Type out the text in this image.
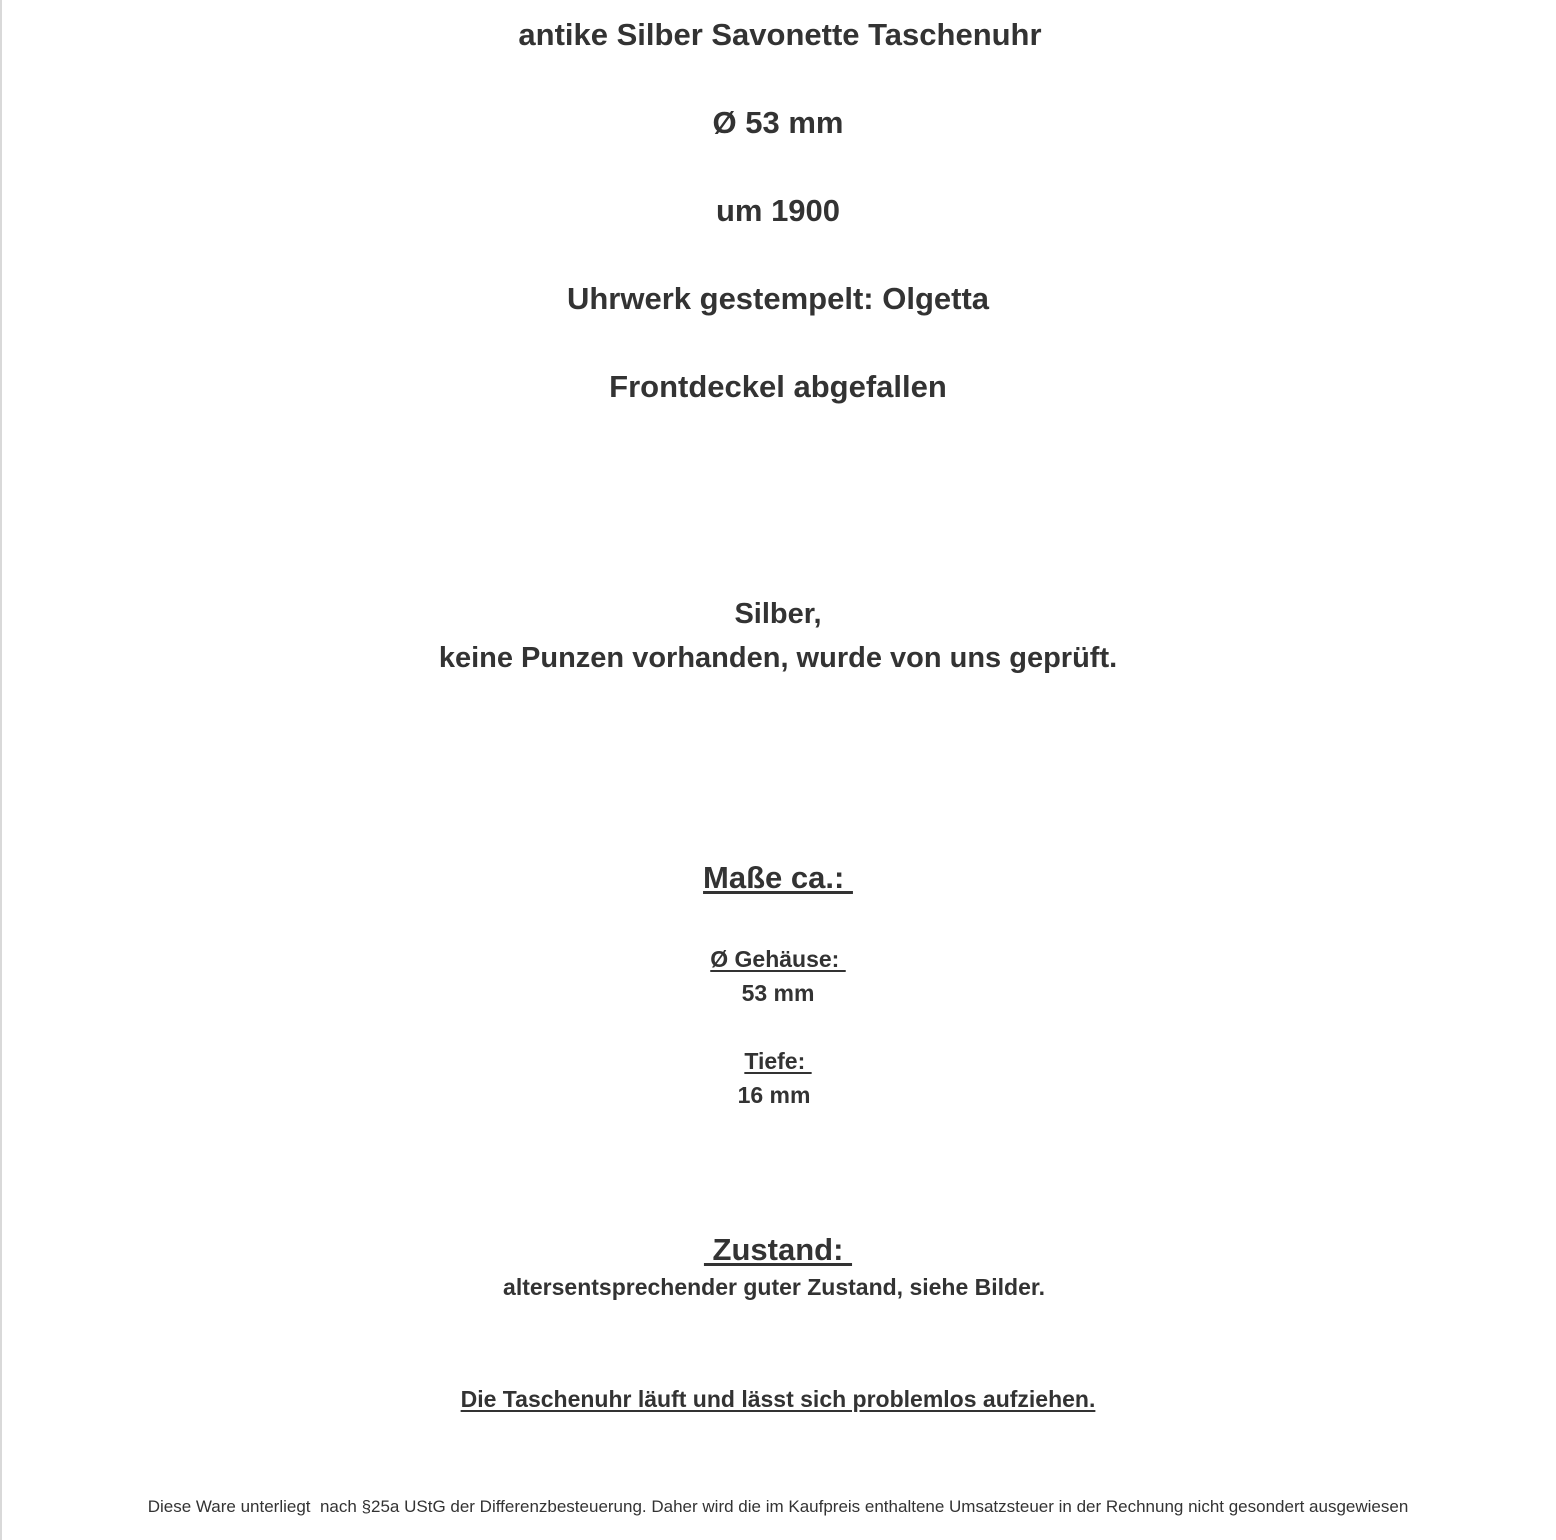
antike Silber Savonette Taschenuhr
Ø 53 mm
um 1900
Uhrwerk gestempelt: Olgetta
Frontdeckel abgefallen
Silber,
keine Punzen vorhanden, wurde von uns geprüft.
Maße ca.:
Ø Gehäuse:
53 mm
Tiefe:
16 mm
Zustand:
altersentsprechender guter Zustand, siehe Bilder.
Die Taschenuhr läuft und lässt sich problemlos aufziehen.
Diese Ware unterliegt  nach §25a UStG der Differenzbesteuerung. Daher wird die im Kaufpreis enthaltene Umsatzsteuer in der Rechnung nicht gesondert ausgewiesen
